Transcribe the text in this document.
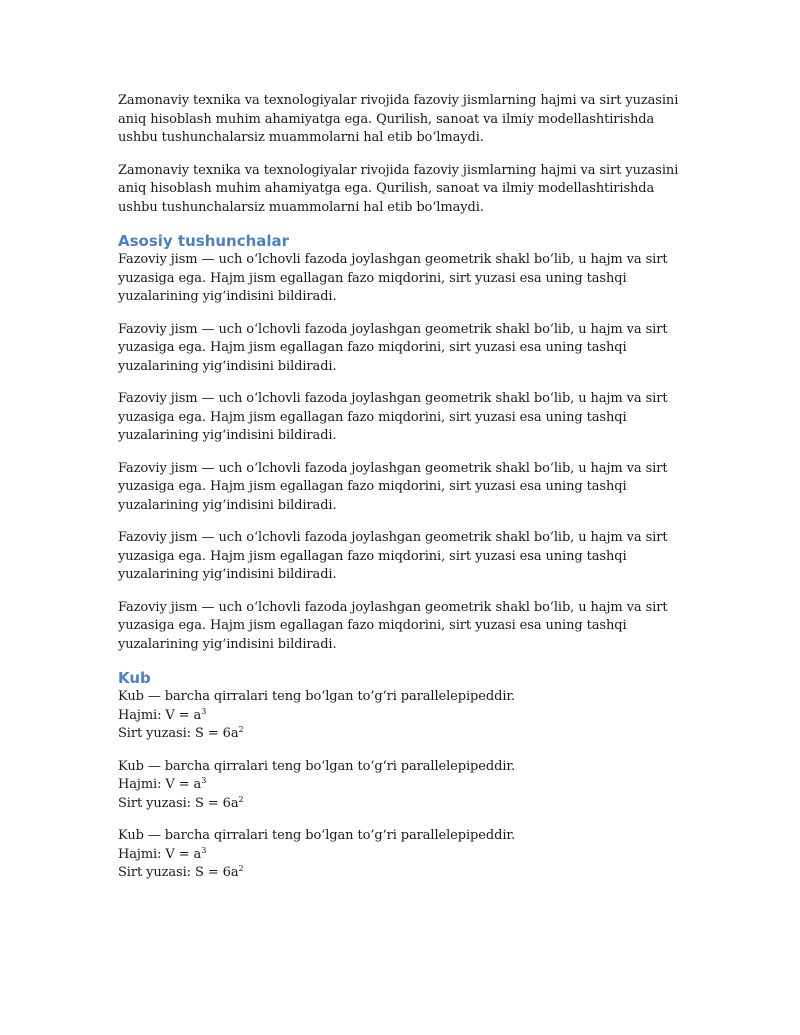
Zamonaviy texnika va texnologiyalar rivojida fazoviy jismlarning hajmi va sirt yuzasini aniq hisoblash muhim ahamiyatga ega. Qurilish, sanoat va ilmiy modellashtirishda ushbu tushunchalarsiz muammolarni hal etib bo‘lmaydi.

Zamonaviy texnika va texnologiyalar rivojida fazoviy jismlarning hajmi va sirt yuzasini aniq hisoblash muhim ahamiyatga ega. Qurilish, sanoat va ilmiy modellashtirishda ushbu tushunchalarsiz muammolarni hal etib bo‘lmaydi.

Asosiy tushunchalar

Fazoviy jism — uch o‘lchovli fazoda joylashgan geometrik shakl bo‘lib, u hajm va sirt yuzasiga ega. Hajm jism egallagan fazo miqdorini, sirt yuzasi esa uning tashqi yuzalarining yig‘indisini bildiradi.

Fazoviy jism — uch o‘lchovli fazoda joylashgan geometrik shakl bo‘lib, u hajm va sirt yuzasiga ega. Hajm jism egallagan fazo miqdorini, sirt yuzasi esa uning tashqi yuzalarining yig‘indisini bildiradi.

Fazoviy jism — uch o‘lchovli fazoda joylashgan geometrik shakl bo‘lib, u hajm va sirt yuzasiga ega. Hajm jism egallagan fazo miqdorini, sirt yuzasi esa uning tashqi yuzalarining yig‘indisini bildiradi.

Fazoviy jism — uch o‘lchovli fazoda joylashgan geometrik shakl bo‘lib, u hajm va sirt yuzasiga ega. Hajm jism egallagan fazo miqdorini, sirt yuzasi esa uning tashqi yuzalarining yig‘indisini bildiradi.

Fazoviy jism — uch o‘lchovli fazoda joylashgan geometrik shakl bo‘lib, u hajm va sirt yuzasiga ega. Hajm jism egallagan fazo miqdorini, sirt yuzasi esa uning tashqi yuzalarining yig‘indisini bildiradi.

Fazoviy jism — uch o‘lchovli fazoda joylashgan geometrik shakl bo‘lib, u hajm va sirt yuzasiga ega. Hajm jism egallagan fazo miqdorini, sirt yuzasi esa uning tashqi yuzalarining yig‘indisini bildiradi.

Kub

Kub — barcha qirralari teng bo‘lgan to‘g‘ri parallelepipeddir.

Hajmi: $V = a^3$

Sirt yuzasi: $S = 6a^2$

Kub — barcha qirralari teng bo‘lgan to‘g‘ri parallelepipeddir.

Hajmi: $V = a^3$

Sirt yuzasi: $S = 6a^2$

Kub — barcha qirralari teng bo‘lgan to‘g‘ri parallelepipeddir.

Hajmi: $V = a^3$

Sirt yuzasi: $S = 6a^2$
